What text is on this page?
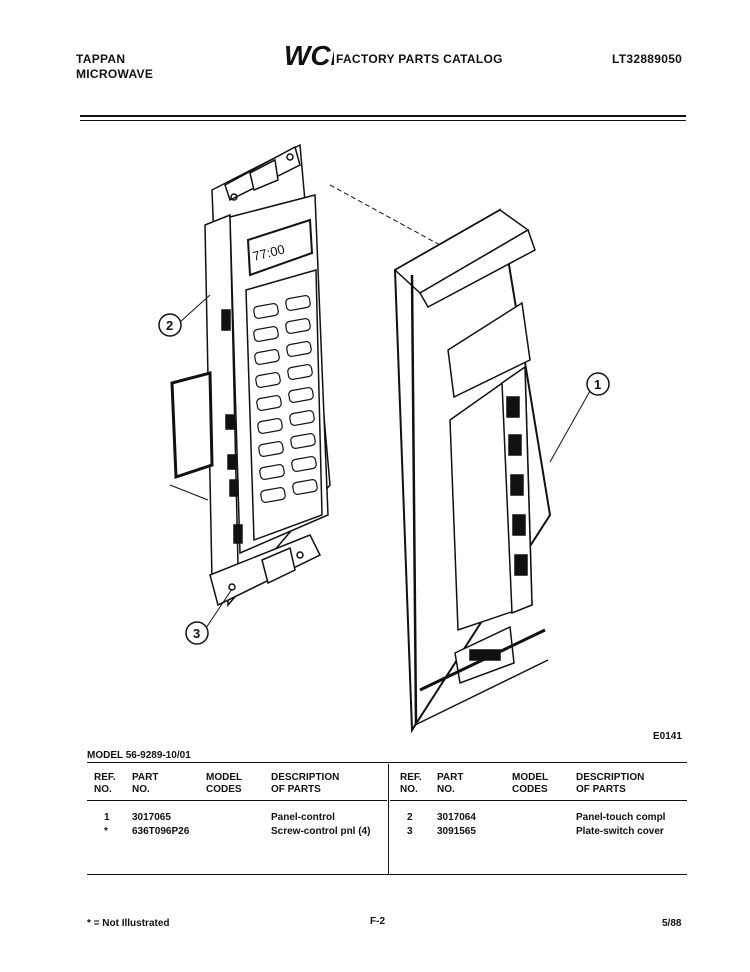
TAPPAN
MICROWAVE
WCI
FACTORY PARTS CATALOG	LT32889050
77:00
1
2
3
E0141
MODEL 56-9289-10/01
REF.
NO.
PART
NO.
MODEL
CODES
DESCRIPTION
OF PARTS
REF.
NO.
PART
NO.
MODEL
CODES
DESCRIPTION
OF PARTS
1 3017065	Panel-control
* 636T096P26	Screw-control pnl (4)
2 3017064	Panel-touch compl
3 3091565	Plate-switch cover
* = Not Illustrated	F-2	5/88
